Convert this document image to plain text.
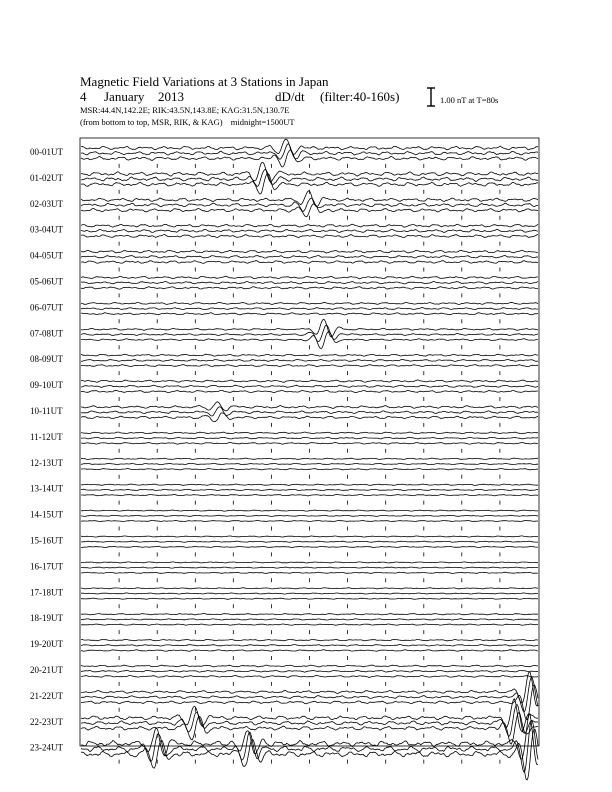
Magnetic Field Variations at 3 Stations in Japan
4 January 2013	dD/dt (filter:40-160s)
MSR:44.4N,142.2E; RIK:43.5N,143.8E; KAG:31.5N,130.7E
(from bottom to top, MSR, RIK, & KAG) midnight=1500UT
1.00 nT at T=80s
00-01UT
01-02UT
02-03UT
03-04UT
04-05UT
05-06UT
06-07UT
07-08UT
08-09UT
09-10UT
10-11UT
11-12UT
12-13UT
13-14UT
14-15UT
15-16UT
16-17UT
17-18UT
18-19UT
19-20UT
20-21UT
21-22UT
22-23UT
23-24UT
